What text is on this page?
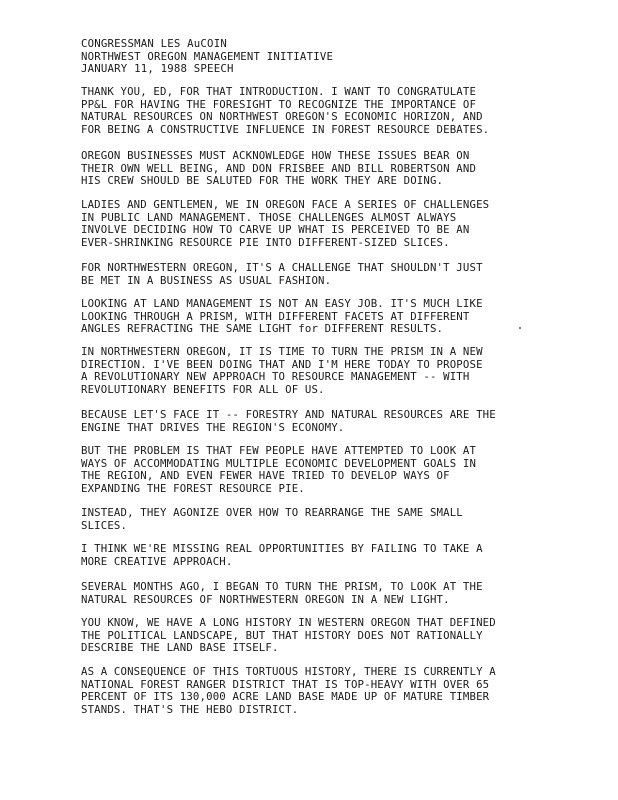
CONGRESSMAN LES AuCOIN
NORTHWEST OREGON MANAGEMENT INITIATIVE
JANUARY 11, 1988 SPEECH
THANK YOU, ED, FOR THAT INTRODUCTION. I WANT TO CONGRATULATE
PP&L FOR HAVING THE FORESIGHT TO RECOGNIZE THE IMPORTANCE OF
NATURAL RESOURCES ON NORTHWEST OREGON'S ECONOMIC HORIZON, AND
FOR BEING A CONSTRUCTIVE INFLUENCE IN FOREST RESOURCE DEBATES.
OREGON BUSINESSES MUST ACKNOWLEDGE HOW THESE ISSUES BEAR ON
THEIR OWN WELL BEING, AND DON FRISBEE AND BILL ROBERTSON AND
HIS CREW SHOULD BE SALUTED FOR THE WORK THEY ARE DOING.
LADIES AND GENTLEMEN, WE IN OREGON FACE A SERIES OF CHALLENGES
IN PUBLIC LAND MANAGEMENT. THOSE CHALLENGES ALMOST ALWAYS
INVOLVE DECIDING HOW TO CARVE UP WHAT IS PERCEIVED TO BE AN
EVER-SHRINKING RESOURCE PIE INTO DIFFERENT-SIZED SLICES.
FOR NORTHWESTERN OREGON, IT'S A CHALLENGE THAT SHOULDN'T JUST
BE MET IN A BUSINESS AS USUAL FASHION.
LOOKING AT LAND MANAGEMENT IS NOT AN EASY JOB. IT'S MUCH LIKE
LOOKING THROUGH A PRISM, WITH DIFFERENT FACETS AT DIFFERENT
ANGLES REFRACTING THE SAME LIGHT for DIFFERENT RESULTS.
IN NORTHWESTERN OREGON, IT IS TIME TO TURN THE PRISM IN A NEW
DIRECTION. I'VE BEEN DOING THAT AND I'M HERE TODAY TO PROPOSE
A REVOLUTIONARY NEW APPROACH TO RESOURCE MANAGEMENT -- WITH
REVOLUTIONARY BENEFITS FOR ALL OF US.
BECAUSE LET'S FACE IT -- FORESTRY AND NATURAL RESOURCES ARE THE
ENGINE THAT DRIVES THE REGION'S ECONOMY.
BUT THE PROBLEM IS THAT FEW PEOPLE HAVE ATTEMPTED TO LOOK AT
WAYS OF ACCOMMODATING MULTIPLE ECONOMIC DEVELOPMENT GOALS IN
THE REGION, AND EVEN FEWER HAVE TRIED TO DEVELOP WAYS OF
EXPANDING THE FOREST RESOURCE PIE.
INSTEAD, THEY AGONIZE OVER HOW TO REARRANGE THE SAME SMALL
SLICES.
I THINK WE'RE MISSING REAL OPPORTUNITIES BY FAILING TO TAKE A
MORE CREATIVE APPROACH.
SEVERAL MONTHS AGO, I BEGAN TO TURN THE PRISM, TO LOOK AT THE
NATURAL RESOURCES OF NORTHWESTERN OREGON IN A NEW LIGHT.
YOU KNOW, WE HAVE A LONG HISTORY IN WESTERN OREGON THAT DEFINED
THE POLITICAL LANDSCAPE, BUT THAT HISTORY DOES NOT RATIONALLY
DESCRIBE THE LAND BASE ITSELF.
AS A CONSEQUENCE OF THIS TORTUOUS HISTORY, THERE IS CURRENTLY A
NATIONAL FOREST RANGER DISTRICT THAT IS TOP-HEAVY WITH OVER 65
PERCENT OF ITS 130,000 ACRE LAND BASE MADE UP OF MATURE TIMBER
STANDS. THAT'S THE HEBO DISTRICT.
